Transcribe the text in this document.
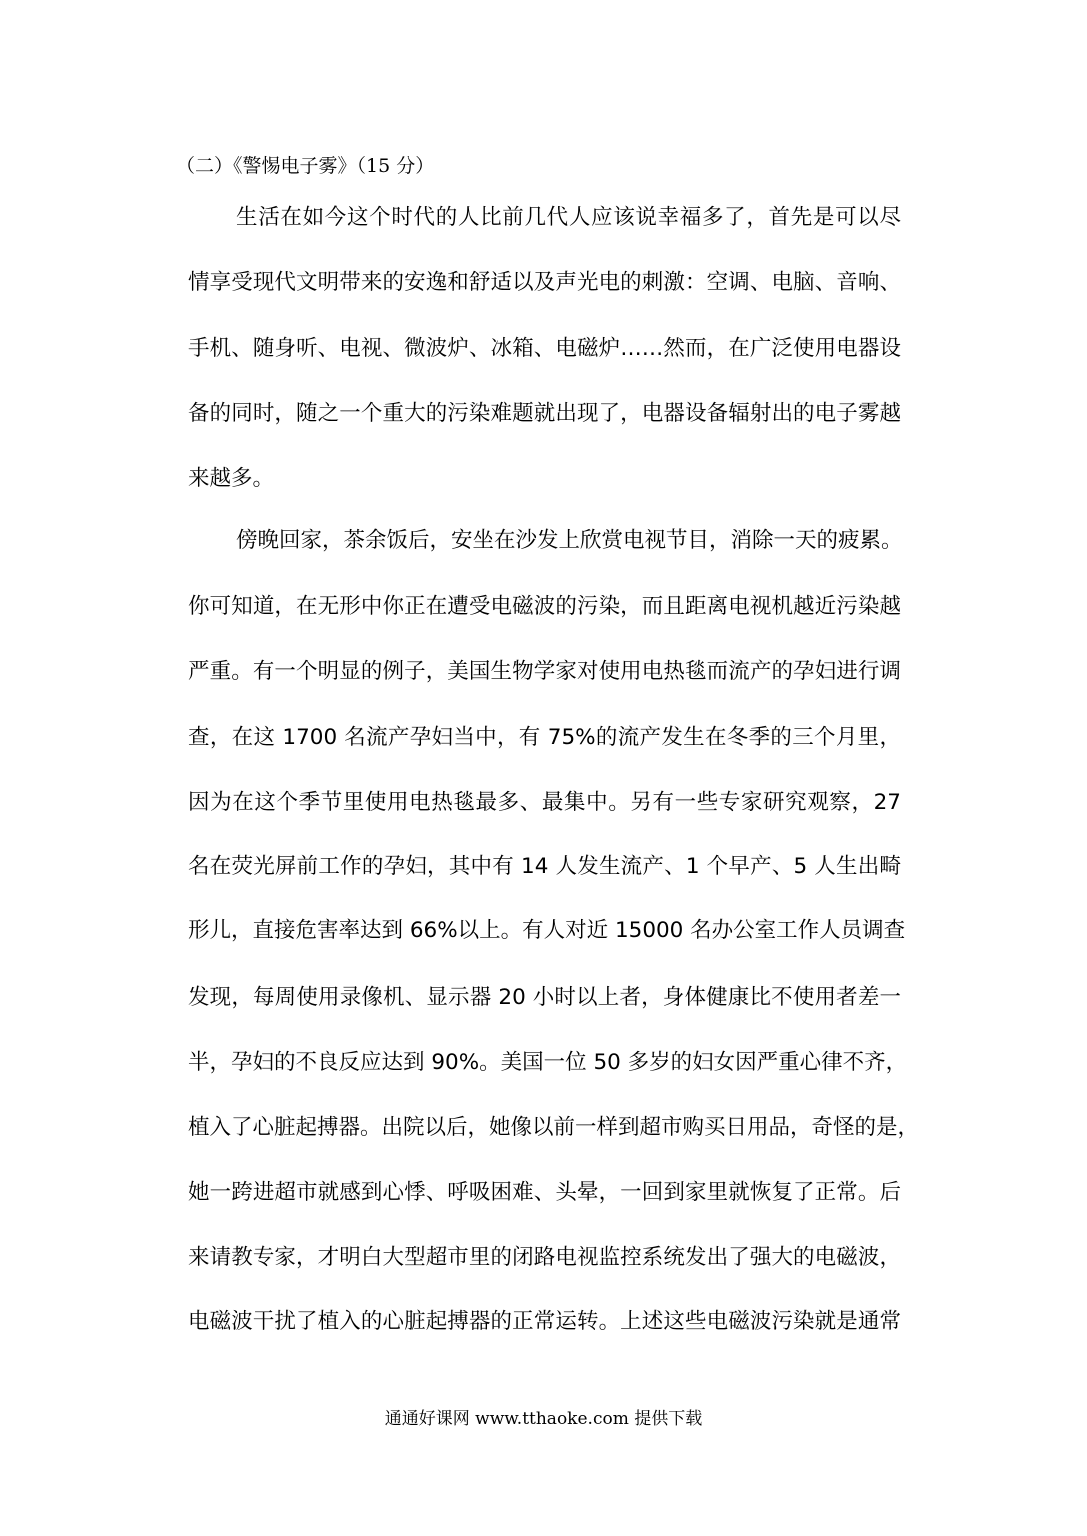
（二）《警惕电子雾》（15 分）
生活在如今这个时代的人比前几代人应该说幸福多了，首先是可以尽
情享受现代文明带来的安逸和舒适以及声光电的刺激：空调、电脑、音响、
手机、随身听、电视、微波炉、冰箱、电磁炉……然而，在广泛使用电器设
备的同时，随之一个重大的污染难题就出现了，电器设备辐射出的电子雾越
来越多。
傍晚回家，茶余饭后，安坐在沙发上欣赏电视节目，消除一天的疲累。
你可知道，在无形中你正在遭受电磁波的污染，而且距离电视机越近污染越
严重。有一个明显的例子，美国生物学家对使用电热毯而流产的孕妇进行调
查，在这 1700 名流产孕妇当中，有 75%的流产发生在冬季的三个月里，
因为在这个季节里使用电热毯最多、最集中。另有一些专家研究观察，27
名在荧光屏前工作的孕妇，其中有 14 人发生流产、1 个早产、5 人生出畸
形儿，直接危害率达到 66%以上。有人对近 15000 名办公室工作人员调查
发现，每周使用录像机、显示器 20 小时以上者，身体健康比不使用者差一
半，孕妇的不良反应达到 90%。美国一位 50 多岁的妇女因严重心律不齐，
植入了心脏起搏器。出院以后，她像以前一样到超市购买日用品，奇怪的是，
她一跨进超市就感到心悸、呼吸困难、头晕，一回到家里就恢复了正常。后
来请教专家，才明白大型超市里的闭路电视监控系统发出了强大的电磁波，
电磁波干扰了植入的心脏起搏器的正常运转。上述这些电磁波污染就是通常
通通好课网 www.tthaoke.com 提供下载
